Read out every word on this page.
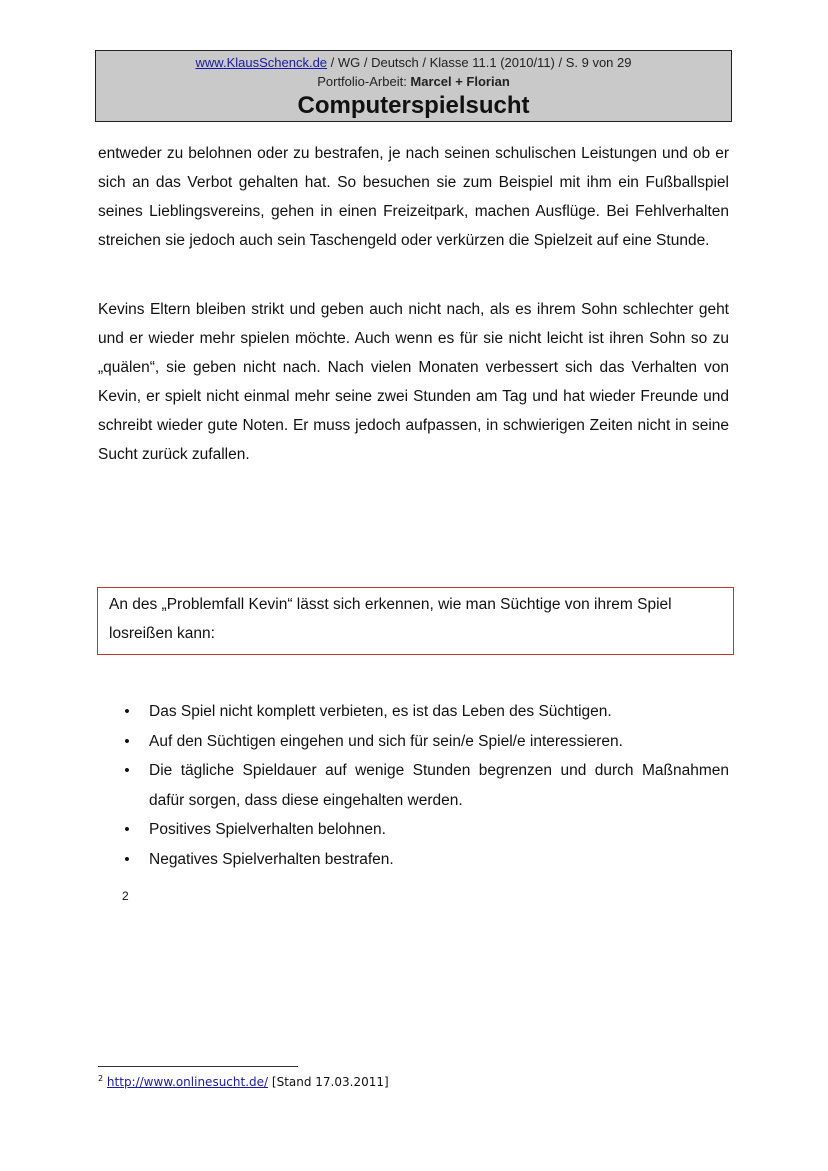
www.KlausSchenck.de / WG / Deutsch / Klasse 11.1 (2010/11) / S. 9 von 29
Portfolio-Arbeit: Marcel + Florian
Computerspielsucht

entweder zu belohnen oder zu bestrafen, je nach seinen schulischen Leistungen und ob er sich an das Verbot gehalten hat. So besuchen sie zum Beispiel mit ihm ein Fußballspiel seines Lieblingsvereins, gehen in einen Freizeitpark, machen Ausflüge. Bei Fehlverhalten streichen sie jedoch auch sein Taschengeld oder verkürzen die Spielzeit auf eine Stunde.

Kevins Eltern bleiben strikt und geben auch nicht nach, als es ihrem Sohn schlechter geht und er wieder mehr spielen möchte. Auch wenn es für sie nicht leicht ist ihren Sohn so zu „quälen“, sie geben nicht nach. Nach vielen Monaten verbessert sich das Verhalten von Kevin, er spielt nicht einmal mehr seine zwei Stunden am Tag und hat wieder Freunde und schreibt wieder gute Noten. Er muss jedoch aufpassen, in schwierigen Zeiten nicht in seine Sucht zurück zufallen.

An des „Problemfall Kevin“ lässt sich erkennen, wie man Süchtige von ihrem Spiel losreißen kann:

• Das Spiel nicht komplett verbieten, es ist das Leben des Süchtigen.
• Auf den Süchtigen eingehen und sich für sein/e Spiel/e interessieren.
• Die tägliche Spieldauer auf wenige Stunden begrenzen und durch Maßnahmen dafür sorgen, dass diese eingehalten werden.
• Positives Spielverhalten belohnen.
• Negatives Spielverhalten bestrafen.
2
$^2$ http://www.onlinesucht.de/ [Stand 17.03.2011]
